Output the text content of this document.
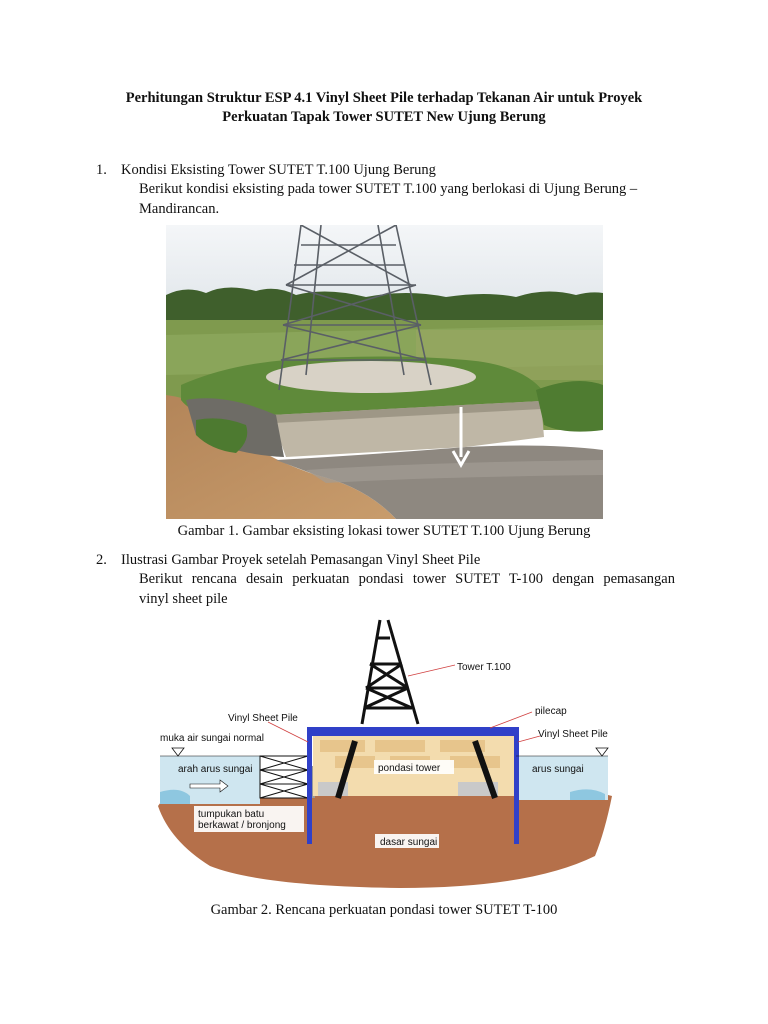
Perhitungan Struktur ESP 4.1 Vinyl Sheet Pile terhadap Tekanan Air untuk Proyek
Perkuatan Tapak Tower SUTET New Ujung Berung
1. Kondisi Eksisting Tower SUTET T.100 Ujung Berung
Berikut kondisi eksisting pada tower SUTET T.100 yang berlokasi di Ujung Berung –
Mandirancan.
Gambar 1. Gambar eksisting lokasi tower SUTET T.100 Ujung Berung
2. Ilustrasi Gambar Proyek setelah Pemasangan Vinyl Sheet Pile
Berikut rencana desain perkuatan pondasi tower SUTET T-100 dengan pemasangan
vinyl sheet pile
Tower T.100
pilecap
Vinyl Sheet Pile
Vinyl Sheet Pile
muka air sungai normal
arah arus sungai	arus sungai
pondasi tower
tumpukan batu
berkawat / bronjong
dasar sungai
Gambar 2. Rencana perkuatan pondasi tower SUTET T-100
